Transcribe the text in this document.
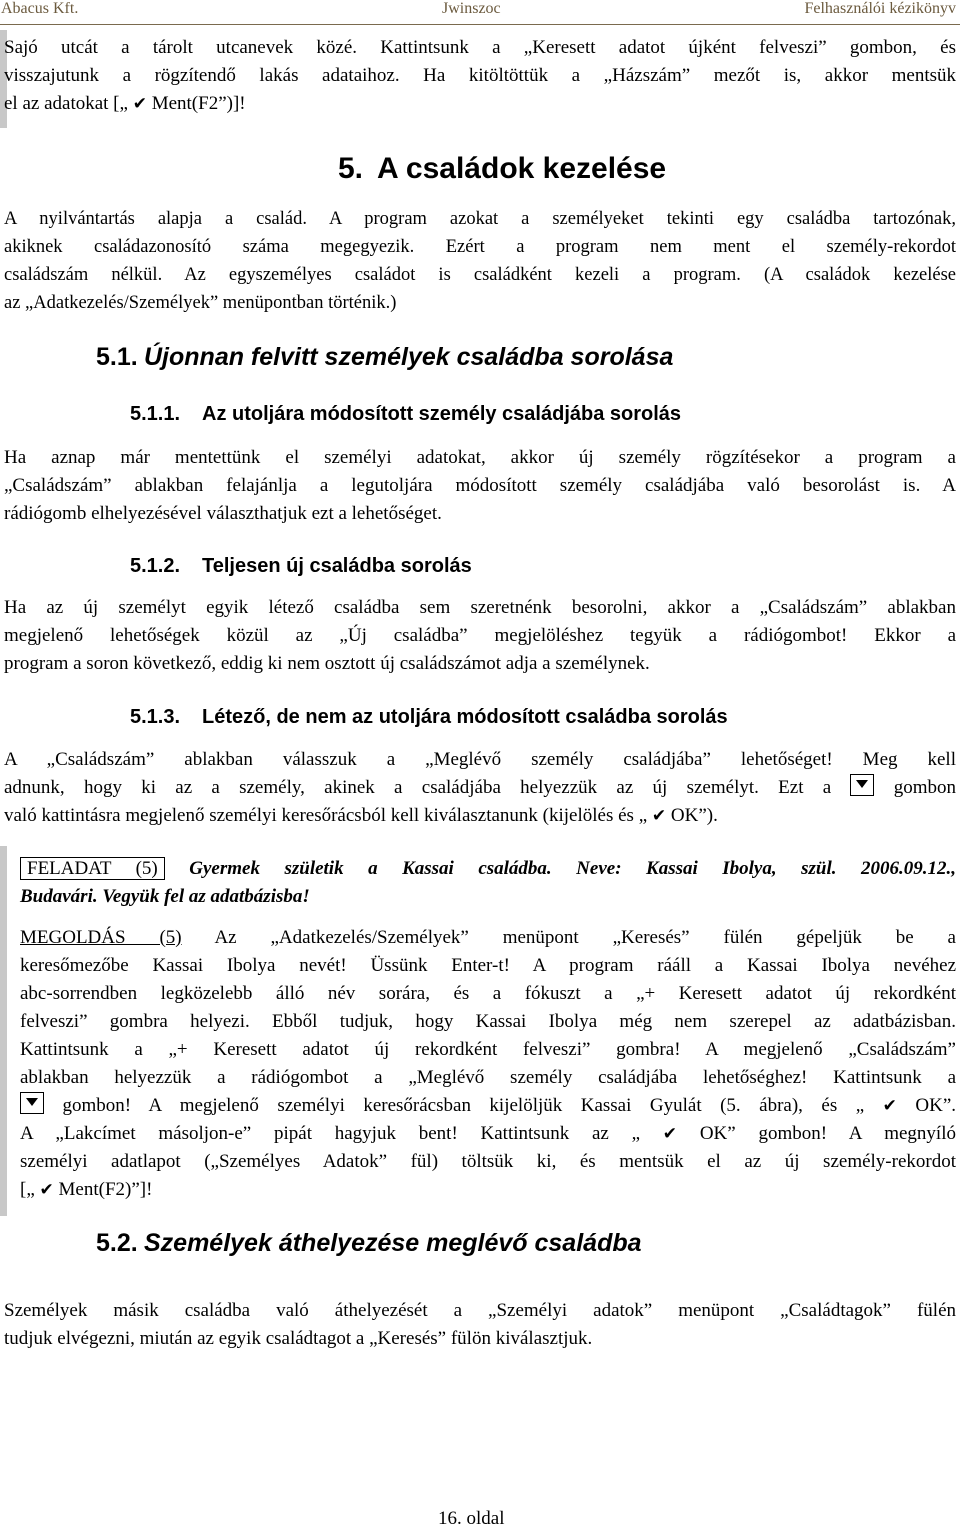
Abacus Kft.	Jwinszoc	Felhasználói kézikönyv
Sajó utcát a tárolt utcanevek közé. Kattintsunk a „Keresett adatot újként felveszi” gombon, és
visszajutunk a rögzítendő lakás adataihoz. Ha kitöltöttük a „Házszám” mezőt is, akkor mentsük
el az adatokat [„ ✔ Ment(F2”)]!
5. A családok kezelése
A nyilvántartás alapja a család. A program azokat a személyeket tekinti egy családba tartozónak,
akiknek családazonosító száma megegyezik. Ezért a program nem ment el személy-rekordot
családszám nélkül. Az egyszemélyes családot is családként kezeli a program. (A családok kezelése
az „Adatkezelés/Személyek” menüpontban történik.)
5.1. Újonnan felvitt személyek családba sorolása
5.1.1. Az utoljára módosított személy családjába sorolás
Ha aznap már mentettünk el személyi adatokat, akkor új személy rögzítésekor a program a
„Családszám” ablakban felajánlja a legutoljára módosított személy családjába való besorolást is. A
rádiógomb elhelyezésével választhatjuk ezt a lehetőséget.
5.1.2. Teljesen új családba sorolás
Ha az új személyt egyik létező családba sem szeretnénk besorolni, akkor a „Családszám” ablakban
megjelenő lehetőségek közül az „Új családba” megjelöléshez tegyük a rádiógombot! Ekkor a
program a soron következő, eddig ki nem osztott új családszámot adja a személynek.
5.1.3. Létező, de nem az utoljára módosított családba sorolás
A „Családszám” ablakban válasszuk a „Meglévő személy családjába” lehetőséget! Meg kell
adnunk, hogy ki az a személy, akinek a családjába helyezzük az új személyt. Ezt a	gombon
való kattintásra megjelenő személyi keresőrácsból kell kiválasztanunk (kijelölés és „ ✔ OK”).
FELADAT (5) Gyermek születik a Kassai családba. Neve: Kassai Ibolya, szül. 2006.09.12.,
Budavári. Vegyük fel az adatbázisba!
MEGOLDÁS (5) Az „Adatkezelés/Személyek” menüpont „Keresés” fülén gépeljük be a
keresőmezőbe Kassai Ibolya nevét! Üssünk Enter-t! A program rááll a Kassai Ibolya nevéhez
abc-sorrendben legközelebb álló név sorára, és a fókuszt a „+ Keresett adatot új rekordként
felveszi” gombra helyezi. Ebből tudjuk, hogy Kassai Ibolya még nem szerepel az adatbázisban.
Kattintsunk a „+ Keresett adatot új rekordként felveszi” gombra! A megjelenő „Családszám”
ablakban helyezzük a rádiógombot a „Meglévő személy családjába lehetőséghez! Kattintsunk a
gombon! A megjelenő személyi keresőrácsban kijelöljük Kassai Gyulát (5. ábra), és „ ✔ OK”.
A „Lakcímet másoljon-e” pipát hagyjuk bent! Kattintsunk az „ ✔ OK” gombon! A megnyíló
személyi adatlapot („Személyes Adatok” fül) töltsük ki, és mentsük el az új személy-rekordot
[„ ✔ Ment(F2)”]!
5.2. Személyek áthelyezése meglévő családba
Személyek másik családba való áthelyezését a „Személyi adatok” menüpont „Családtagok” fülén
tudjuk elvégezni, miután az egyik családtagot a „Keresés” fülön kiválasztjuk.
16. oldal
